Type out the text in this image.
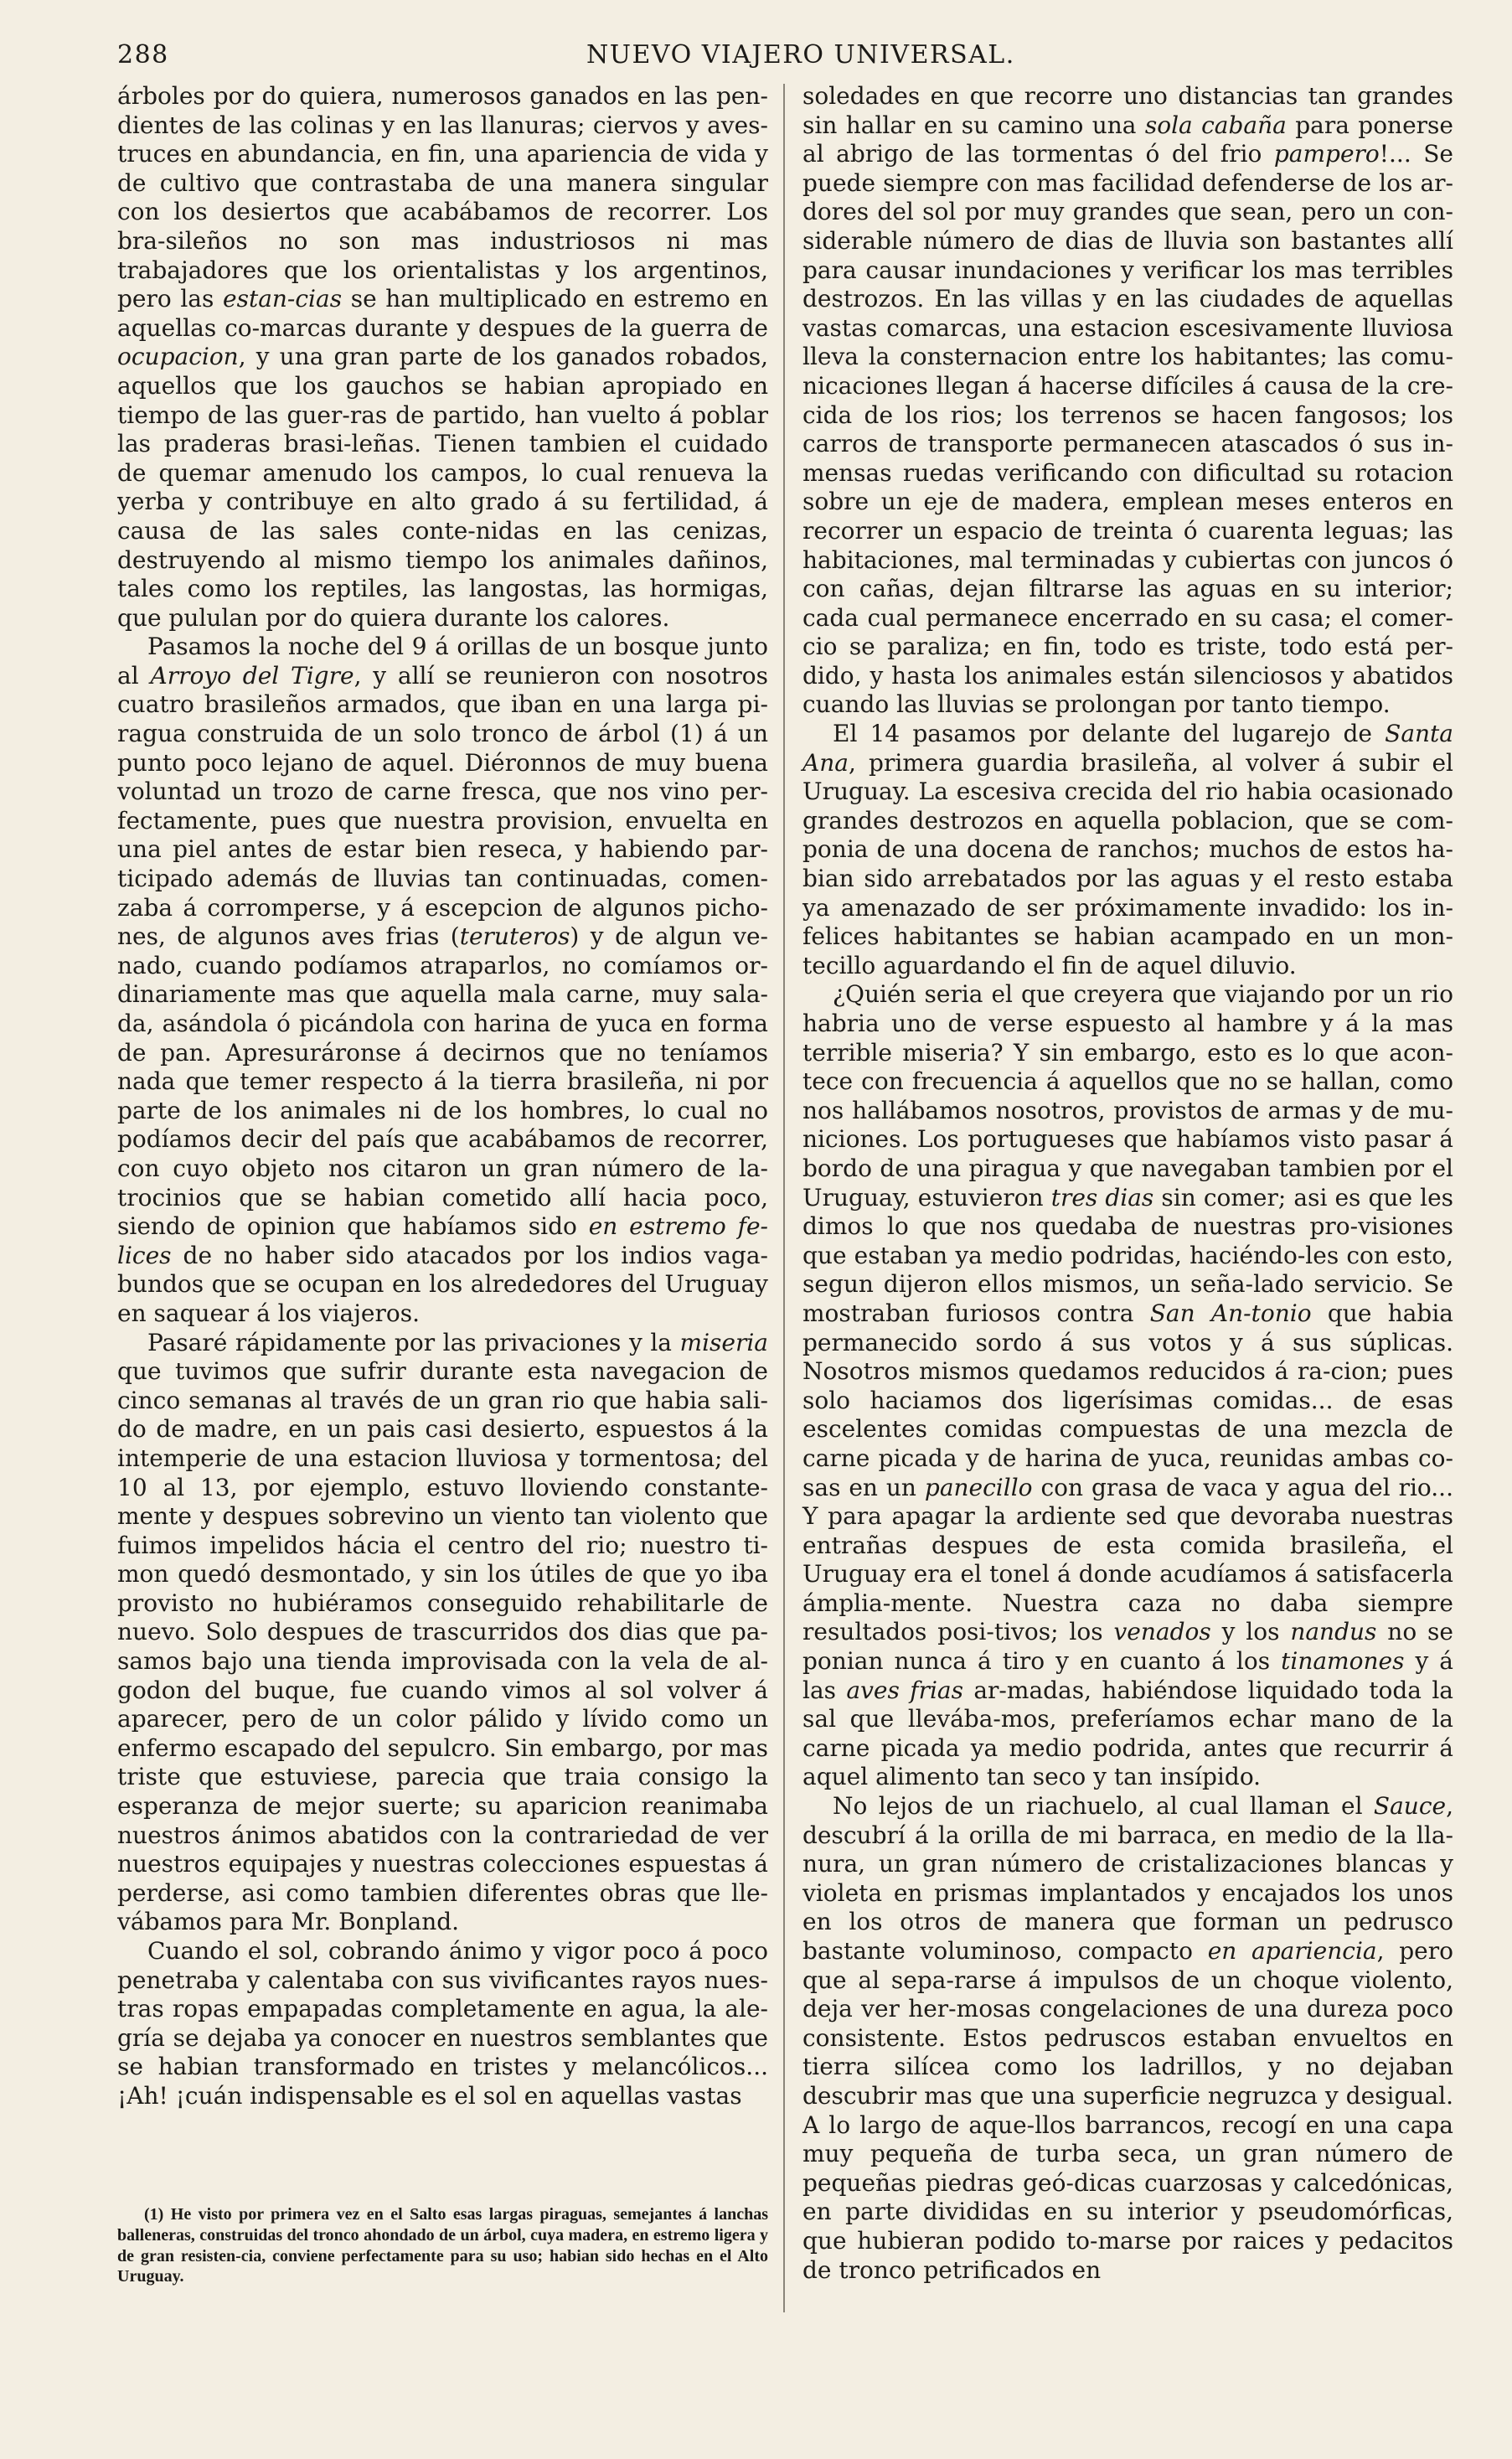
288	NUEVO VIAJERO UNIVERSAL.

árboles por do quiera, numerosos ganados en las pen-dientes de las colinas y en las llanuras; ciervos y aves-truces en abundancia, en fin, una apariencia de vida y de cultivo que contrastaba de una manera singular con los desiertos que acabábamos de recorrer. Los bra-sileños no son mas industriosos ni mas trabajadores que los orientalistas y los argentinos, pero las estan-cias se han multiplicado en estremo en aquellas co-marcas durante y despues de la guerra de ocupacion, y una gran parte de los ganados robados, aquellos que los gauchos se habian apropiado en tiempo de las guer-ras de partido, han vuelto á poblar las praderas brasi-leñas. Tienen tambien el cuidado de quemar amenudo los campos, lo cual renueva la yerba y contribuye en alto grado á su fertilidad, á causa de las sales conte-nidas en las cenizas, destruyendo al mismo tiempo los animales dañinos, tales como los reptiles, las langostas, las hormigas, que pululan por do quiera durante los calores.

Pasamos la noche del 9 á orillas de un bosque junto al Arroyo del Tigre, y allí se reunieron con nosotros cuatro brasileños armados, que iban en una larga pi-ragua construida de un solo tronco de árbol (1) á un punto poco lejano de aquel. Diéronnos de muy buena voluntad un trozo de carne fresca, que nos vino per-fectamente, pues que nuestra provision, envuelta en una piel antes de estar bien reseca, y habiendo par-ticipado además de lluvias tan continuadas, comen-zaba á corromperse, y á escepcion de algunos picho-nes, de algunos aves frias (teruteros) y de algun ve-nado, cuando podíamos atraparlos, no comíamos or-dinariamente mas que aquella mala carne, muy sala-da, asándola ó picándola con harina de yuca en forma de pan. Apresuráronse á decirnos que no teníamos nada que temer respecto á la tierra brasileña, ni por parte de los animales ni de los hombres, lo cual no podíamos decir del país que acabábamos de recorrer, con cuyo objeto nos citaron un gran número de la-trocinios que se habian cometido allí hacia poco, siendo de opinion que habíamos sido en estremo fe-lices de no haber sido atacados por los indios vaga-bundos que se ocupan en los alrededores del Uruguay en saquear á los viajeros.

Pasaré rápidamente por las privaciones y la miseria que tuvimos que sufrir durante esta navegacion de cinco semanas al través de un gran rio que habia sali-do de madre, en un pais casi desierto, espuestos á la intemperie de una estacion lluviosa y tormentosa; del 10 al 13, por ejemplo, estuvo lloviendo constante-mente y despues sobrevino un viento tan violento que fuimos impelidos hácia el centro del rio; nuestro ti-mon quedó desmontado, y sin los útiles de que yo iba provisto no hubiéramos conseguido rehabilitarle de nuevo. Solo despues de trascurridos dos dias que pa-samos bajo una tienda improvisada con la vela de al-godon del buque, fue cuando vimos al sol volver á aparecer, pero de un color pálido y lívido como un enfermo escapado del sepulcro. Sin embargo, por mas triste que estuviese, parecia que traia consigo la esperanza de mejor suerte; su aparicion reanimaba nuestros ánimos abatidos con la contrariedad de ver nuestros equipajes y nuestras colecciones espuestas á perderse, asi como tambien diferentes obras que lle-vábamos para Mr. Bonpland.

Cuando el sol, cobrando ánimo y vigor poco á poco penetraba y calentaba con sus vivificantes rayos nues-tras ropas empapadas completamente en agua, la ale-gría se dejaba ya conocer en nuestros semblantes que se habian transformado en tristes y melancólicos... ¡Ah! ¡cuán indispensable es el sol en aquellas vastas

soledades en que recorre uno distancias tan grandes sin hallar en su camino una sola cabaña para ponerse al abrigo de las tormentas ó del frio pampero!... Se puede siempre con mas facilidad defenderse de los ar-dores del sol por muy grandes que sean, pero un con-siderable número de dias de lluvia son bastantes allí para causar inundaciones y verificar los mas terribles destrozos. En las villas y en las ciudades de aquellas vastas comarcas, una estacion escesivamente lluviosa lleva la consternacion entre los habitantes; las comu-nicaciones llegan á hacerse difíciles á causa de la cre-cida de los rios; los terrenos se hacen fangosos; los carros de transporte permanecen atascados ó sus in-mensas ruedas verificando con dificultad su rotacion sobre un eje de madera, emplean meses enteros en recorrer un espacio de treinta ó cuarenta leguas; las habitaciones, mal terminadas y cubiertas con juncos ó con cañas, dejan filtrarse las aguas en su interior; cada cual permanece encerrado en su casa; el comer-cio se paraliza; en fin, todo es triste, todo está per-dido, y hasta los animales están silenciosos y abatidos cuando las lluvias se prolongan por tanto tiempo.

El 14 pasamos por delante del lugarejo de Santa Ana, primera guardia brasileña, al volver á subir el Uruguay. La escesiva crecida del rio habia ocasionado grandes destrozos en aquella poblacion, que se com-ponia de una docena de ranchos; muchos de estos ha-bian sido arrebatados por las aguas y el resto estaba ya amenazado de ser próximamente invadido: los in-felices habitantes se habian acampado en un mon-tecillo aguardando el fin de aquel diluvio.

¿Quién seria el que creyera que viajando por un rio habria uno de verse espuesto al hambre y á la mas terrible miseria? Y sin embargo, esto es lo que acon-tece con frecuencia á aquellos que no se hallan, como nos hallábamos nosotros, provistos de armas y de mu-niciones. Los portugueses que habíamos visto pasar á bordo de una piragua y que navegaban tambien por el Uruguay, estuvieron tres dias sin comer; asi es que les dimos lo que nos quedaba de nuestras pro-visiones que estaban ya medio podridas, haciéndo-les con esto, segun dijeron ellos mismos, un seña-lado servicio. Se mostraban furiosos contra San An-tonio que habia permanecido sordo á sus votos y á sus súplicas. Nosotros mismos quedamos reducidos á ra-cion; pues solo haciamos dos ligerísimas comidas... de esas escelentes comidas compuestas de una mezcla de carne picada y de harina de yuca, reunidas ambas co-sas en un panecillo con grasa de vaca y agua del rio... Y para apagar la ardiente sed que devoraba nuestras entrañas despues de esta comida brasileña, el Uruguay era el tonel á donde acudíamos á satisfacerla ámplia-mente. Nuestra caza no daba siempre resultados posi-tivos; los venados y los nandus no se ponian nunca á tiro y en cuanto á los tinamones y á las aves frias ar-madas, habiéndose liquidado toda la sal que llevába-mos, preferíamos echar mano de la carne picada ya medio podrida, antes que recurrir á aquel alimento tan seco y tan insípido.

No lejos de un riachuelo, al cual llaman el Sauce, descubrí á la orilla de mi barraca, en medio de la lla-nura, un gran número de cristalizaciones blancas y violeta en prismas implantados y encajados los unos en los otros de manera que forman un pedrusco bastante voluminoso, compacto en apariencia, pero que al sepa-rarse á impulsos de un choque violento, deja ver her-mosas congelaciones de una dureza poco consistente. Estos pedruscos estaban envueltos en tierra silícea como los ladrillos, y no dejaban descubrir mas que una superficie negruzca y desigual. A lo largo de aque-llos barrancos, recogí en una capa muy pequeña de turba seca, un gran número de pequeñas piedras geó-dicas cuarzosas y calcedónicas, en parte divididas en su interior y pseudomórficas, que hubieran podido to-marse por raices y pedacitos de tronco petrificados en

(1) He visto por primera vez en el Salto esas largas piraguas, semejantes á lanchas balleneras, construidas del tronco ahondado de un árbol, cuya madera, en estremo ligera y de gran resisten-cia, conviene perfectamente para su uso; habian sido hechas en el Alto Uruguay.
